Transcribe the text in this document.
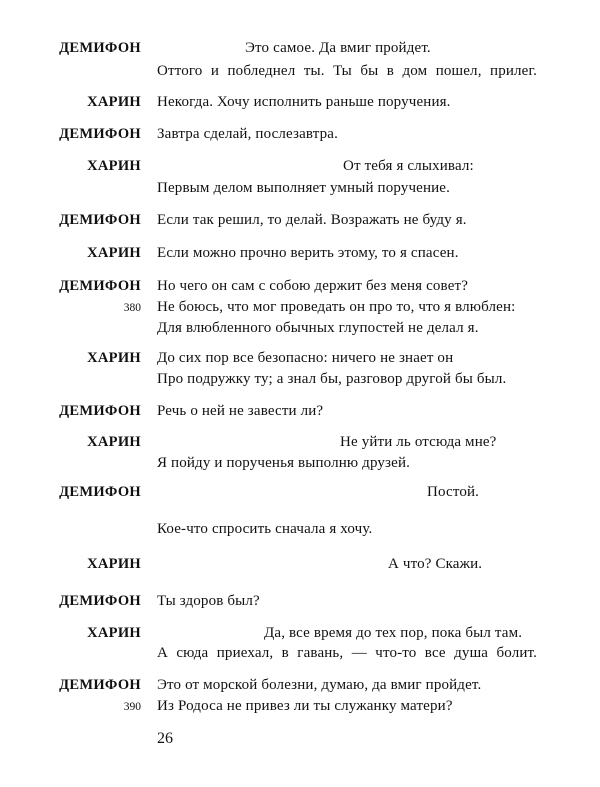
ДЕМИФОН	Это самое. Да вмиг пройдет.
Оттого и побледнел ты. Ты бы в дом пошел, прилег.
ХАРИН Некогда. Хочу исполнить раньше поручения.
ДЕМИФОН Завтра сделай, послезавтра.
ХАРИН	От тебя я слыхивал:
Первым делом выполняет умный поручение.
ДЕМИФОН Если так решил, то делай. Возражать не буду я.
ХАРИН Если можно прочно верить этому, то я спасен.
ДЕМИФОН Но чего он сам с собою держит без меня совет?
380 Не боюсь, что мог проведать он про то, что я влюблен:
Для влюбленного обычных глупостей не делал я.
ХАРИН До сих пор все безопасно: ничего не знает он
Про подружку ту; а знал бы, разговор другой бы был.
ДЕМИФОН Речь о ней не завести ли?
ХАРИН	Не уйти ль отсюда мне?
Я пойду и порученья выполню друзей.
ДЕМИФОН	Постой.
Кое-что спросить сначала я хочу.
ХАРИН	А что? Скажи.
ДЕМИФОН Ты здоров был?
ХАРИН	Да, все время до тех пор, пока был там.
А сюда приехал, в гавань, — что-то все душа болит.
ДЕМИФОН Это от морской болезни, думаю, да вмиг пройдет.
390 Из Родоса не привез ли ты служанку матери?
26
